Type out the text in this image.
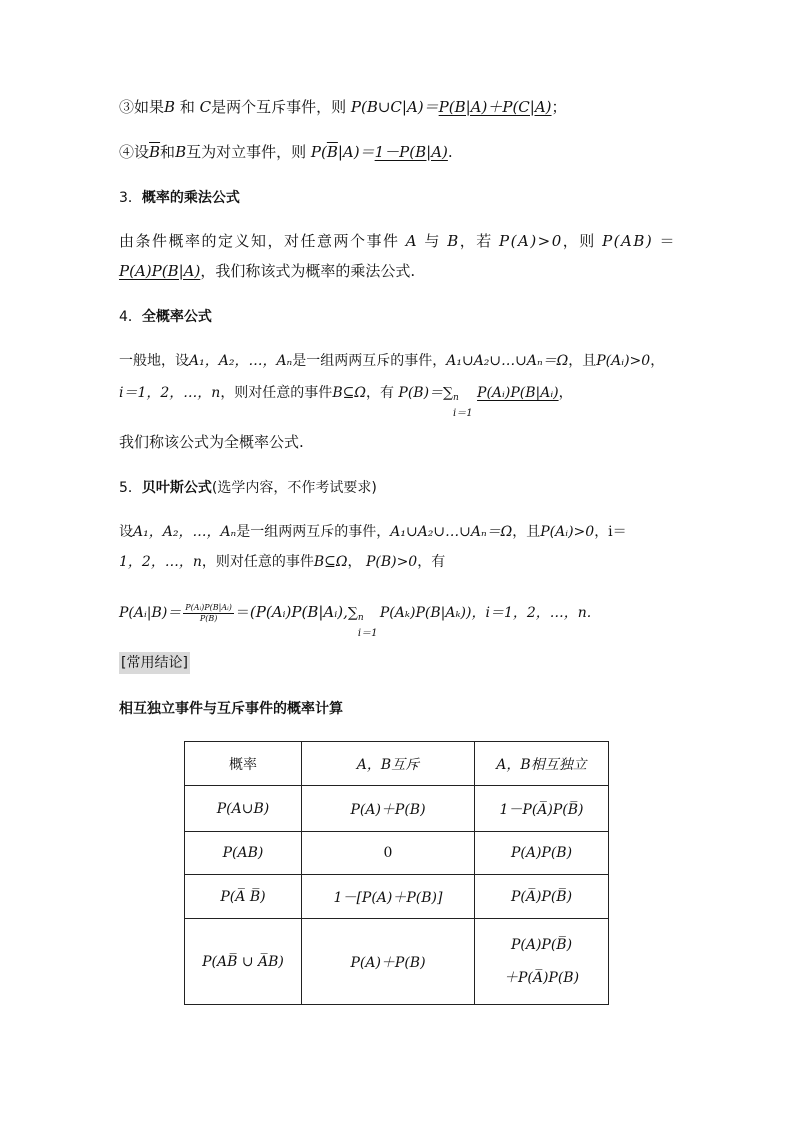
③如果B 和 C是两个互斥事件，则 P(B∪C|A)＝P(B|A)＋P(C|A)；
④设$\overline{B}$和B互为对立事件，则 $P(\overline{B}|A)=1-P(B|A)$.
3．概率的乘法公式
由条件概率的定义知，对任意两个事件 A 与 B，若 P(A)>0，则 P(AB) ＝
P(A)P(B|A)，我们称该式为概率的乘法公式.
4．全概率公式
一般地，设A₁，A₂，…，Aₙ是一组两两互斥的事件，A₁∪A₂∪…∪Aₙ＝Ω，且P(Aᵢ)>0，
i＝1，2，…，n，则对任意的事件B⊆Ω，有 P(B)＝∑ n
i＝1
P(Aᵢ)P(B|Aᵢ)，
我们称该公式为全概率公式.
5．贝叶斯公式(选学内容，不作考试要求)
设A₁，A₂，…，Aₙ是一组两两互斥的事件，A₁∪A₂∪…∪Aₙ＝Ω，且P(Aᵢ)>0，i＝
1，2，…，n，则对任意的事件B⊆Ω， P(B)>0，有
P(Aᵢ|B)＝ $\frac{\text{P(Aᵢ)P(B|Aᵢ)}}{P(B)}$ ＝(P(Aᵢ)P(B|Aᵢ),∑ n
i＝1
P(Aₖ)P(B|Aₖ))，i＝1，2，…，n.
[常用结论]
相互独立事件与互斥事件的概率计算
概率	A，B互斥	A，B相互独立
P(A∪B)	P(A)＋P(B)	1－P(A̅)P(B̅)
P(AB)	0	P(A)P(B)
P(A̅ B̅)	1－[P(A)＋P(B)]	P(A̅)P(B̅)
P(AB̅ ∪ A̅B)	P(A)＋P(B)	P(A)P(B̅)
＋P(A̅)P(B)
